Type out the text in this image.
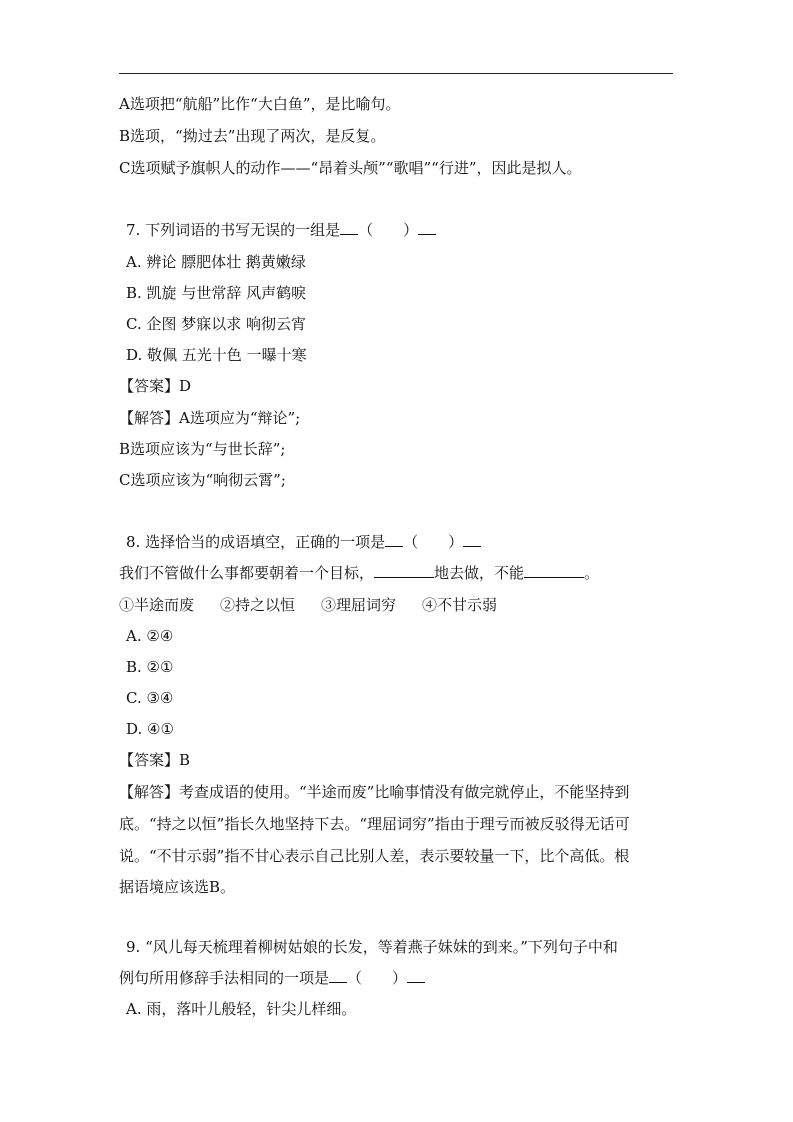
A选项把“航船”比作“大白鱼”，是比喻句。
B选项，“拗过去”出现了两次，是反复。
C选项赋予旗帜人的动作——“昂着头颅”“歌唱”“行进”，因此是拟人。
7. 下列词语的书写无误的一组是 （　　）
A. 辨论 膘肥体壮 鹅黄嫩绿
B. 凯旋 与世常辞 风声鹤唳
C. 企图 梦寐以求 响彻云宵
D. 敬佩 五光十色 一曝十寒
【答案】D
【解答】A选项应为“辩论”;
B选项应该为“与世长辞”;
C选项应该为“响彻云霄”;
8. 选择恰当的成语填空，正确的一项是 （　　）
我们不管做什么事都要朝着一个目标，	地去做，不能	。
①半途而废 ②持之以恒 ③理屈词穷 ④不甘示弱
A. ②④
B. ②①
C. ③④
D. ④①
【答案】B
【解答】考查成语的使用。“半途而废”比喻事情没有做完就停止，不能坚持到
底。“持之以恒”指长久地坚持下去。“理屈词穷”指由于理亏而被反驳得无话可
说。“不甘示弱”指不甘心表示自己比别人差，表示要较量一下，比个高低。根
据语境应该选B。
9. “风儿每天梳理着柳树姑娘的长发，等着燕子妹妹的到来。”下列句子中和
例句所用修辞手法相同的一项是 （　　）
A. 雨，落叶儿般轻，针尖儿样细。
